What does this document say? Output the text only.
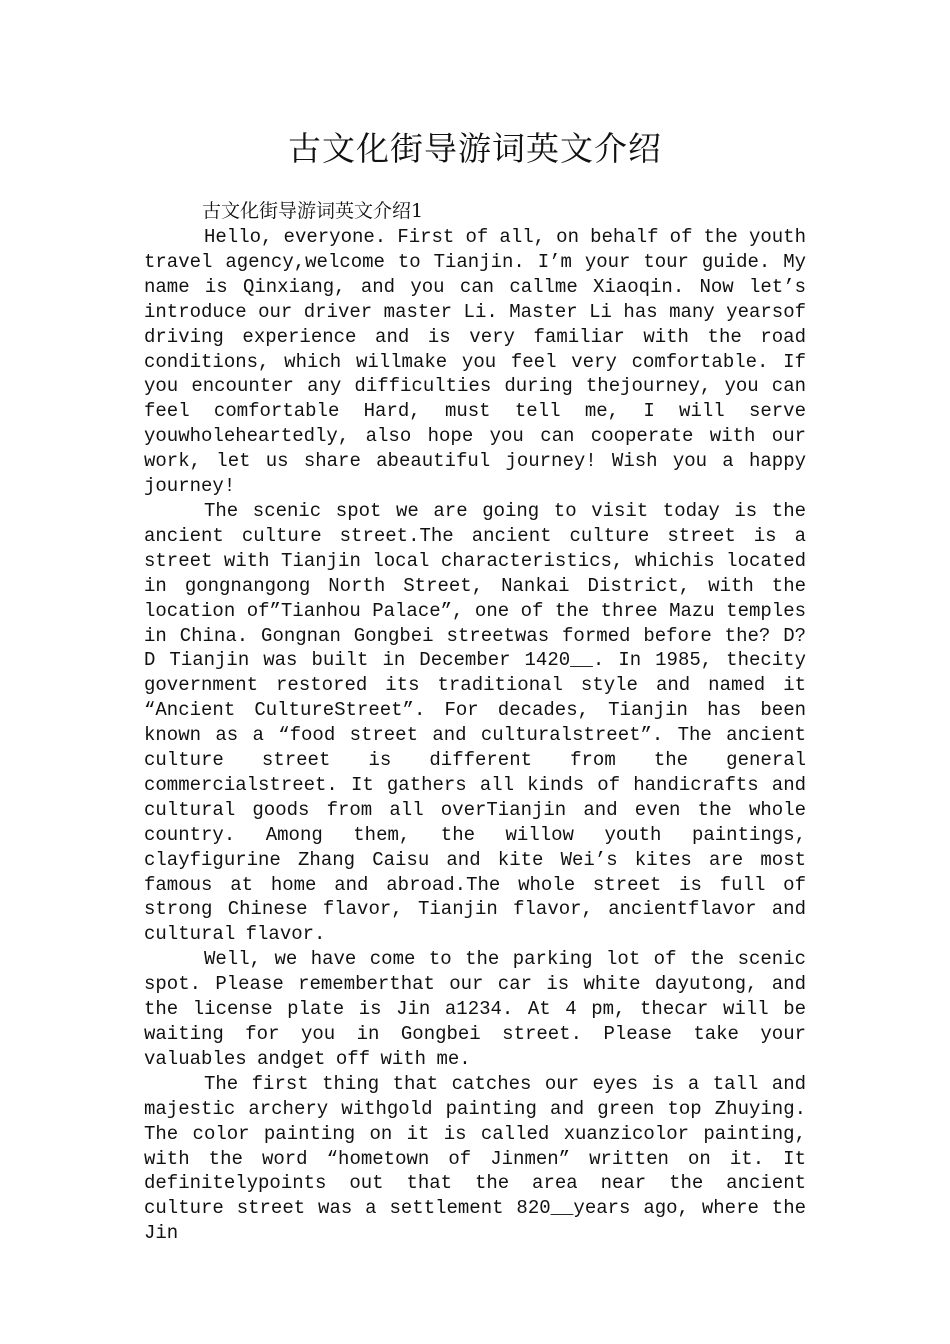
古文化街导游词英文介绍
古文化街导游词英文介绍1

Hello, everyone. First of all, on behalf of the youth travel agency,welcome to Tianjin. I’m your tour guide. My name is Qinxiang, and you can callme Xiaoqin. Now let’s introduce our driver master Li. Master Li has many yearsof driving experience and is very familiar with the road conditions, which willmake you feel very comfortable. If you encounter any difficulties during thejourney, you can feel comfortable Hard, must tell me, I will serve youwholeheartedly, also hope you can cooperate with our work, let us share abeautiful journey! Wish you a happy journey!

The scenic spot we are going to visit today is the ancient culture street.The ancient culture street is a street with Tianjin local characteristics, whichis located in gongnangong North Street, Nankai District, with the location of”Tianhou Palace”, one of the three Mazu temples in China. Gongnan Gongbei streetwas formed before the? D? D Tianjin was built in December 1420__. In 1985, thecity government restored its traditional style and named it “Ancient CultureStreet”. For decades, Tianjin has been known as a “food street and culturalstreet”. The ancient culture street is different from the general commercialstreet. It gathers all kinds of handicrafts and cultural goods from all overTianjin and even the whole country. Among them, the willow youth paintings, clayfigurine Zhang Caisu and kite Wei’s kites are most famous at home and abroad.The whole street is full of strong Chinese flavor, Tianjin flavor, ancientflavor and cultural flavor.

Well, we have come to the parking lot of the scenic spot. Please rememberthat our car is white dayutong, and the license plate is Jin a1234. At 4 pm, thecar will be waiting for you in Gongbei street. Please take your valuables andget off with me.

The first thing that catches our eyes is a tall and majestic archery withgold painting and green top Zhuying. The color painting on it is called xuanzicolor painting, with the word “hometown of Jinmen” written on it. It definitelypoints out that the area near the ancient culture street was a settlement 820__years ago, where the Jin
